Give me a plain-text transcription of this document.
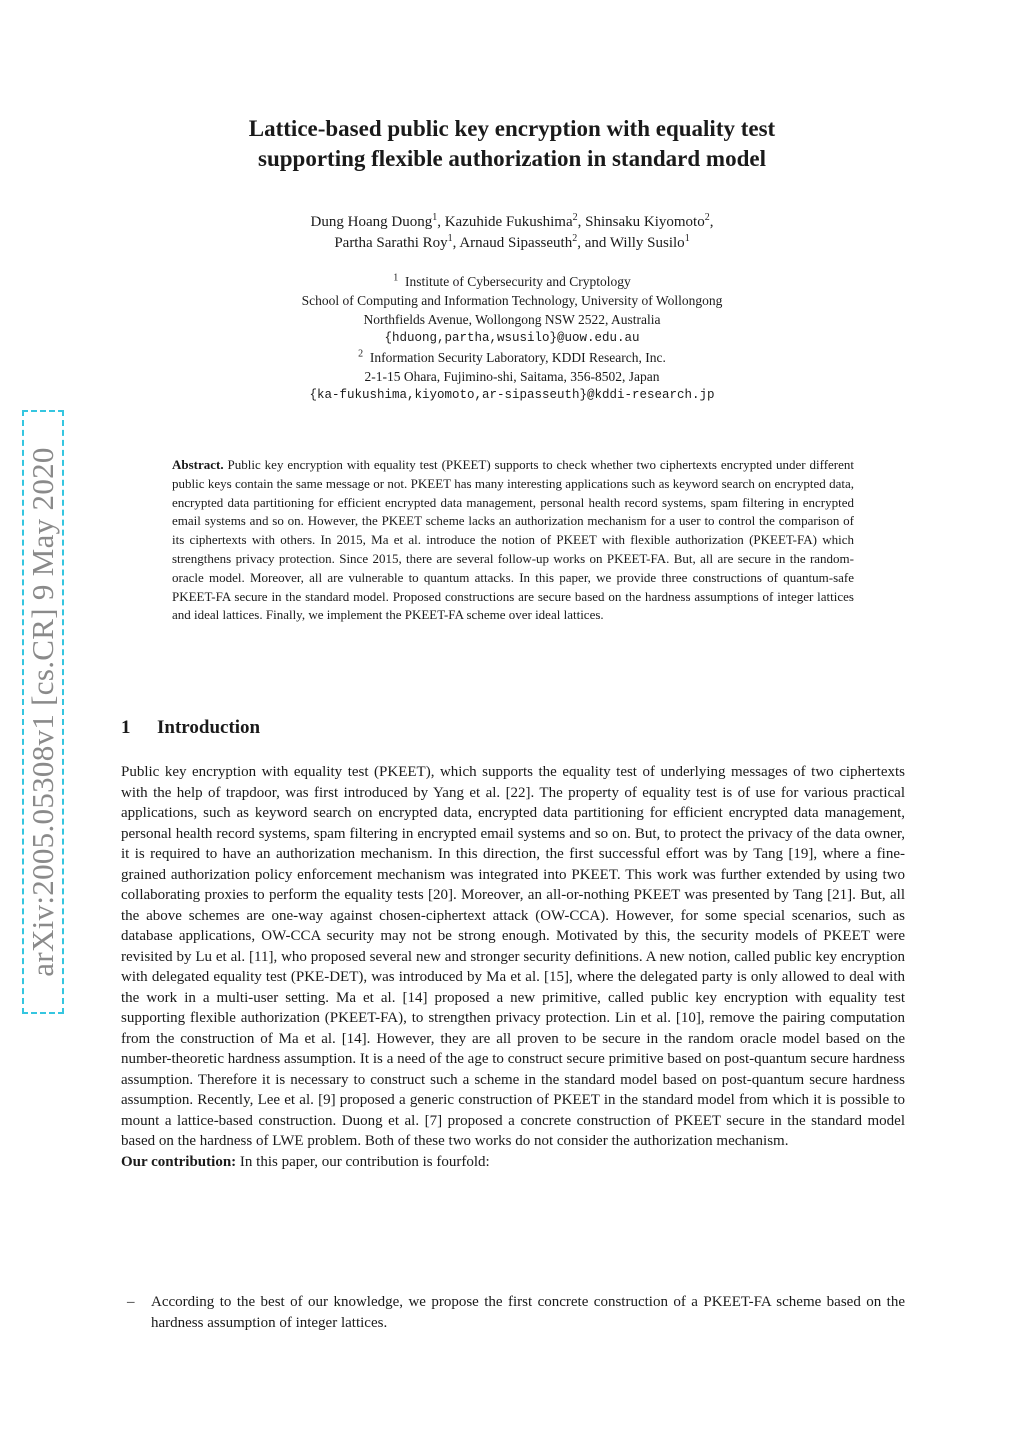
arXiv:2005.05308v1 [cs.CR] 9 May 2020
Lattice-based public key encryption with equality test
supporting flexible authorization in standard model
Dung Hoang Duong$^1$, Kazuhide Fukushima$^2$, Shinsaku Kiyomoto$^2$,
Partha Sarathi Roy$^1$, Arnaud Sipasseuth$^2$, and Willy Susilo$^1$
$^1$ Institute of Cybersecurity and Cryptology
School of Computing and Information Technology, University of Wollongong
Northfields Avenue, Wollongong NSW 2522, Australia
{hduong,partha,wsusilo}@uow.edu.au
$^2$ Information Security Laboratory, KDDI Research, Inc.
2-1-15 Ohara, Fujimino-shi, Saitama, 356-8502, Japan
{ka-fukushima,kiyomoto,ar-sipasseuth}@kddi-research.jp
Abstract. Public key encryption with equality test (PKEET) supports to check whether two ciphertexts encrypted under different public keys contain the same message or not. PKEET has many interesting applications such as keyword search on encrypted data, encrypted data partitioning for efficient encrypted data management, personal health record systems, spam filtering in encrypted email systems and so on. However, the PKEET scheme lacks an authorization mechanism for a user to control the comparison of its ciphertexts with others. In 2015, Ma et al. introduce the notion of PKEET with flexible authorization (PKEET-FA) which strengthens privacy protection. Since 2015, there are several follow-up works on PKEET-FA. But, all are secure in the random-oracle model. Moreover, all are vulnerable to quantum attacks. In this paper, we provide three constructions of quantum-safe PKEET-FA secure in the standard model. Proposed constructions are secure based on the hardness assumptions of integer lattices and ideal lattices. Finally, we implement the PKEET-FA scheme over ideal lattices.
1 Introduction

Public key encryption with equality test (PKEET), which supports the equality test of underlying messages of two ciphertexts with the help of trapdoor, was first introduced by Yang et al. [22]. The property of equality test is of use for various practical applications, such as keyword search on encrypted data, encrypted data partitioning for efficient encrypted data management, personal health record systems, spam filtering in encrypted email systems and so on. But, to protect the privacy of the data owner, it is required to have an authorization mechanism. In this direction, the first successful effort was by Tang [19], where a fine-grained authorization policy enforcement mechanism was integrated into PKEET. This work was further extended by using two collaborating proxies to perform the equality tests [20]. Moreover, an all-or-nothing PKEET was presented by Tang [21]. But, all the above schemes are one-way against chosen-ciphertext attack (OW-CCA). However, for some special scenarios, such as database applications, OW-CCA security may not be strong enough. Motivated by this, the security models of PKEET were revisited by Lu et al. [11], who proposed several new and stronger security definitions. A new notion, called public key encryption with delegated equality test (PKE-DET), was introduced by Ma et al. [15], where the delegated party is only allowed to deal with the work in a multi-user setting. Ma et al. [14] proposed a new primitive, called public key encryption with equality test supporting flexible authorization (PKEET-FA), to strengthen privacy protection. Lin et al. [10], remove the pairing computation from the construction of Ma et al. [14]. However, they are all proven to be secure in the random oracle model based on the number-theoretic hardness assumption. It is a need of the age to construct secure primitive based on post-quantum secure hardness assumption. Therefore it is necessary to construct such a scheme in the standard model based on post-quantum secure hardness assumption. Recently, Lee et al. [9] proposed a generic construction of PKEET in the standard model from which it is possible to mount a lattice-based construction. Duong et al. [7] proposed a concrete construction of PKEET secure in the standard model based on the hardness of LWE problem. Both of these two works do not consider the authorization mechanism.

Our contribution: In this paper, our contribution is fourfold:

– According to the best of our knowledge, we propose the first concrete construction of a PKEET-FA scheme based on the hardness assumption of integer lattices.
